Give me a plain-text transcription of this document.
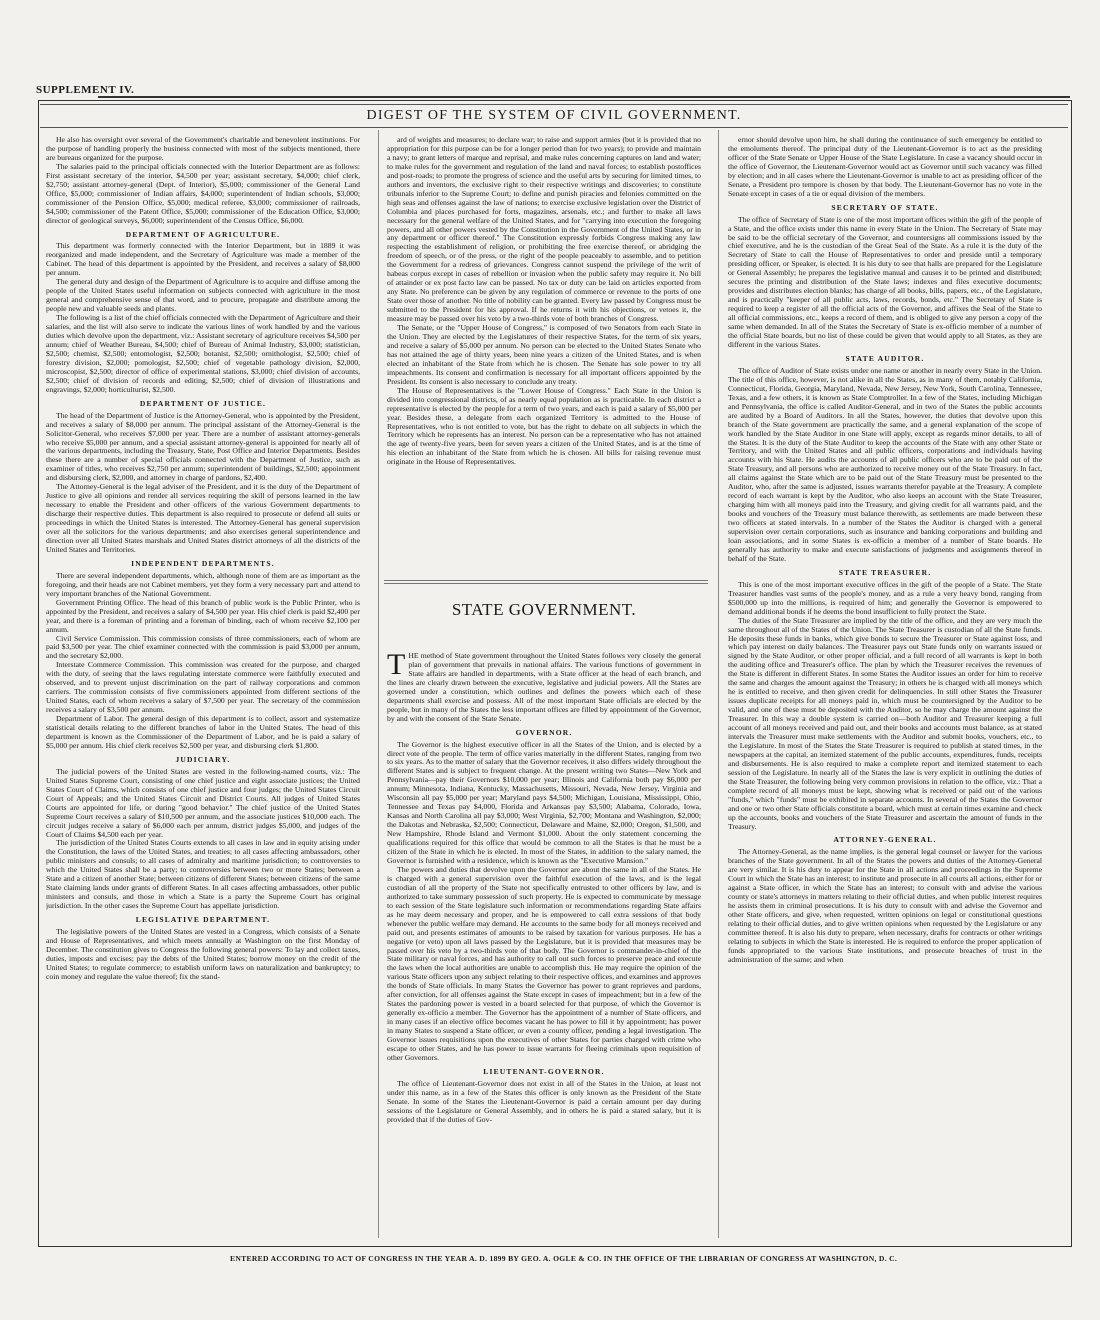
SUPPLEMENT IV.
DIGEST OF THE SYSTEM OF CIVIL GOVERNMENT.

He also has oversight over several of the Government's charitable and benevolent institutions. For the purpose of handling properly the business connected with most of the subjects mentioned, there are bureaus organized for the purpose.

The salaries paid to the principal officials connected with the Interior Department are as follows: First assistant secretary of the interior, $4,500 per year; assistant secretary, $4,000; chief clerk, $2,750; assistant attorney-general (Dept. of Interior), $5,000; commissioner of the General Land Office, $5,000; commissioner of Indian affairs, $4,000; superintendent of Indian schools, $3,000; commissioner of the Pension Office, $5,000; medical referee, $3,000; commissioner of railroads, $4,500; commissioner of the Patent Office, $5,000; commissioner of the Education Office, $3,000; director of geological surveys, $6,000; superintendent of the Census Office, $6,000.

DEPARTMENT OF AGRICULTURE.

This department was formerly connected with the Interior Department, but in 1889 it was reorganized and made independent, and the Secretary of Agriculture was made a member of the Cabinet. The head of this department is appointed by the President, and receives a salary of $8,000 per annum.

The general duty and design of the Department of Agriculture is to acquire and diffuse among the people of the United States useful information on subjects connected with agriculture in the most general and comprehensive sense of that word, and to procure, propagate and distribute among the people new and valuable seeds and plants.

The following is a list of the chief officials connected with the Department of Agriculture and their salaries, and the list will also serve to indicate the various lines of work handled by and the various duties which devolve upon the department, viz.: Assistant secretary of agriculture receives $4,500 per annum; chief of Weather Bureau, $4,500; chief of Bureau of Animal Industry, $3,000; statistician, $2,500; chemist, $2,500; entomologist, $2,500; botanist, $2,500; ornithologist, $2,500; chief of forestry division, $2,000; pomologist, $2,500; chief of vegetable pathology division, $2,000, microscopist, $2,500; director of office of experimental stations, $3,000; chief division of accounts, $2,500; chief of division of records and editing, $2,500; chief of division of illustrations and engravings, $2,000; horticulturist, $2,500.

DEPARTMENT OF JUSTICE.

The head of the Department of Justice is the Attorney-General, who is appointed by the President, and receives a salary of $8,000 per annum. The principal assistant of the Attorney-General is the Solicitor-General, who receives $7,000 per year. There are a number of assistant attorney-generals who receive $5,000 per annum, and a special assistant attorney-general is appointed for nearly all of the various departments, including the Treasury, State, Post Office and Interior Departments. Besides these there are a number of special officials connected with the Department of Justice, such as examiner of titles, who receives $2,750 per annum; superintendent of buildings, $2,500; appointment and disbursing clerk, $2,000, and attorney in charge of pardons, $2,400.

The Attorney-General is the legal adviser of the President, and it is the duty of the Department of Justice to give all opinions and render all services requiring the skill of persons learned in the law necessary to enable the President and other officers of the various Government departments to discharge their respective duties. This department is also required to prosecute or defend all suits or proceedings in which the United States is interested. The Attorney-General has general supervision over all the solicitors for the various departments; and also exercises general superintendence and direction over all United States marshals and United States district attorneys of all the districts of the United States and Territories.

INDEPENDENT DEPARTMENTS.

There are several independent departments, which, although none of them are as important as the foregoing, and their heads are not Cabinet members, yet they form a very necessary part and attend to very important branches of the National Government.

Government Printing Office. The head of this branch of public work is the Public Printer, who is appointed by the President, and receives a salary of $4,500 per year. His chief clerk is paid $2,400 per year, and there is a foreman of printing and a foreman of binding, each of whom receive $2,100 per annum.

Civil Service Commission. This commission consists of three commissioners, each of whom are paid $3,500 per year. The chief examiner connected with the commission is paid $3,000 per annum, and the secretary $2,000.

Interstate Commerce Commission. This commission was created for the purpose, and charged with the duty, of seeing that the laws regulating interstate commerce were faithfully executed and observed, and to prevent unjust discrimination on the part of railway corporations and common carriers. The commission consists of five commissioners appointed from different sections of the United States, each of whom receives a salary of $7,500 per year. The secretary of the commission receives a salary of $3,500 per annum.

Department of Labor. The general design of this department is to collect, assort and systematize statistical details relating to the different branches of labor in the United States. The head of this department is known as the Commissioner of the Department of Labor, and he is paid a salary of $5,000 per annum. His chief clerk receives $2,500 per year, and disbursing clerk $1,800.

JUDICIARY.

The judicial powers of the United States are vested in the following-named courts, viz.: The United States Supreme Court, consisting of one chief justice and eight associate justices; the United States Court of Claims, which consists of one chief justice and four judges; the United States Circuit Court of Appeals; and the United States Circuit and District Courts. All judges of United States Courts are appointed for life, or during "good behavior." The chief justice of the United States Supreme Court receives a salary of $10,500 per annum, and the associate justices $10,000 each. The circuit judges receive a salary of $6,000 each per annum, district judges $5,000, and judges of the Court of Claims $4,500 each per year.

The jurisdiction of the United States Courts extends to all cases in law and in equity arising under the Constitution, the laws of the United States, and treaties; to all cases affecting ambassadors, other public ministers and consuls; to all cases of admiralty and maritime jurisdiction; to controversies to which the United States shall be a party; to controversies between two or more States; between a State and a citizen of another State; between citizens of different States; between citizens of the same State claiming lands under grants of different States. In all cases affecting ambassadors, other public ministers and consuls, and those in which a State is a party the Supreme Court has original jurisdiction. In the other cases the Supreme Court has appellate jurisdiction.

LEGISLATIVE DEPARTMENT.

The legislative powers of the United States are vested in a Congress, which consists of a Senate and House of Representatives, and which meets annually at Washington on the first Monday of December. The constitution gives to Congress the following general powers: To lay and collect taxes, duties, imposts and excises; pay the debts of the United States; borrow money on the credit of the United States; to regulate commerce; to establish uniform laws on naturalization and bankruptcy; to coin money and regulate the value thereof; fix the stand-

ard of weights and measures; to declare war; to raise and support armies (but it is provided that no appropriation for this purpose can be for a longer period than for two years); to provide and maintain a navy; to grant letters of marque and reprisal, and make rules concerning captures on land and water; to make rules for the government and regulation of the land and naval forces; to establish postoffices and post-roads; to promote the progress of science and the useful arts by securing for limited times, to authors and inventors, the exclusive right to their respective writings and discoveries; to constitute tribunals inferior to the Supreme Court; to define and punish piracies and felonies committed on the high seas and offenses against the law of nations; to exercise exclusive legislation over the District of Columbia and places purchased for forts, magazines, arsenals, etc.; and further to make all laws necessary for the general welfare of the United States, and for "carrying into execution the foregoing powers, and all other powers vested by the Constitution in the Government of the United States, or in any department or officer thereof." The Constitution expressly forbids Congress making any law respecting the establishment of religion, or prohibiting the free exercise thereof, or abridging the freedom of speech, or of the press, or the right of the people peaceably to assemble, and to petition the Government for a redress of grievances. Congress cannot suspend the privilege of the writ of habeas corpus except in cases of rebellion or invasion when the public safety may require it. No bill of attainder or ex post facto law can be passed. No tax or duty can be laid on articles exported from any State. No preference can be given by any regulation of commerce or revenue to the ports of one State over those of another. No title of nobility can be granted. Every law passed by Congress must be submitted to the President for his approval. If he returns it with his objections, or vetoes it, the measure may be passed over his veto by a two-thirds vote of both branches of Congress.

The Senate, or the "Upper House of Congress," is composed of two Senators from each State in the Union. They are elected by the Legislatures of their respective States, for the term of six years, and receive a salary of $5,000 per annum. No person can be elected to the United States Senate who has not attained the age of thirty years, been nine years a citizen of the United States, and is when elected an inhabitant of the State from which he is chosen. The Senate has sole power to try all impeachments. Its consent and confirmation is necessary for all important officers appointed by the President. Its consent is also necessary to conclude any treaty.

The House of Representatives is the "Lower House of Congress." Each State in the Union is divided into congressional districts, of as nearly equal population as is practicable. In each district a representative is elected by the people for a term of two years, and each is paid a salary of $5,000 per year. Besides these, a delegate from each organized Territory is admitted to the House of Representatives, who is not entitled to vote, but has the right to debate on all subjects in which the Territory which he represents has an interest. No person can be a representative who has not attained the age of twenty-five years, been for seven years a citizen of the United States, and is at the time of his election an inhabitant of the State from which he is chosen. All bills for raising revenue must originate in the House of Representatives.

STATE GOVERNMENT.

THE method of State government throughout the United States follows very closely the general plan of government that prevails in national affairs. The various functions of government in State affairs are handled in departments, with a State officer at the head of each branch, and the lines are clearly drawn between the executive, legislative and judicial powers. All the States are governed under a constitution, which outlines and defines the powers which each of these departments shall exercise and possess. All of the most important State officials are elected by the people, but in many of the States the less important offices are filled by appointment of the Governor, by and with the consent of the State Senate.

GOVERNOR.

The Governor is the highest executive officer in all the States of the Union, and is elected by a direct vote of the people. The term of office varies materially in the different States, ranging from two to six years. As to the matter of salary that the Governor receives, it also differs widely throughout the different States and is subject to frequent change. At the present writing two States—New York and Pennsylvania—pay their Governors $10,000 per year; Illinois and California both pay $6,000 per annum; Minnesota, Indiana, Kentucky, Massachusetts, Missouri, Nevada, New Jersey, Virginia and Wisconsin all pay $5,000 per year; Maryland pays $4,500; Michigan, Louisiana, Mississippi, Ohio, Tennessee and Texas pay $4,000, Florida and Arkansas pay $3,500; Alabama, Colorado, Iowa, Kansas and North Carolina all pay $3,000; West Virginia, $2,700; Montana and Washington, $2,000; the Dakotas and Nebraska, $2,500; Connecticut, Delaware and Maine, $2,000; Oregon, $1,500, and New Hampshire, Rhode Island and Vermont $1,000. About the only statement concerning the qualifications required for this office that would be common to all the States is that he must be a citizen of the State in which he is elected. In most of the States, in addition to the salary named, the Governor is furnished with a residence, which is known as the "Executive Mansion."

The powers and duties that devolve upon the Governor are about the same in all of the States. He is charged with a general supervision over the faithful execution of the laws, and is the legal custodian of all the property of the State not specifically entrusted to other officers by law, and is authorized to take summary possession of such property. He is expected to communicate by message to each session of the State legislature such information or recommendations regarding State affairs as he may deem necessary and proper, and he is empowered to call extra sessions of that body whenever the public welfare may demand. He accounts to the same body for all moneys received and paid out, and presents estimates of amounts to be raised by taxation for various purposes. He has a negative (or veto) upon all laws passed by the Legislature, but it is provided that measures may be passed over his veto by a two-thirds vote of that body. The Governor is commander-in-chief of the State military or naval forces, and has authority to call out such forces to preserve peace and execute the laws when the local authorities are unable to accomplish this. He may require the opinion of the various State officers upon any subject relating to their respective offices, and examines and approves the bonds of State officials. In many States the Governor has power to grant reprieves and pardons, after conviction, for all offenses against the State except in cases of impeachment; but in a few of the States the pardoning power is vested in a board selected for that purpose, of which the Governor is generally ex-officio a member. The Governor has the appointment of a number of State officers, and in many cases if an elective office becomes vacant he has power to fill it by appointment; has power in many States to suspend a State officer, or even a county officer, pending a legal investigation. The Governor issues requisitions upon the executives of other States for parties charged with crime who escape to other States, and he has power to issue warrants for fleeing criminals upon requisition of other Governors.

LIEUTENANT-GOVERNOR.

The office of Lieutenant-Governor does not exist in all of the States in the Union, at least not under this name, as in a few of the States this officer is only known as the President of the State Senate. In some of the States the Lieutenant-Governor is paid a certain amount per day during sessions of the Legislature or General Assembly, and in others he is paid a stated salary, but it is provided that if the duties of Gov-

ernor should devolve upon him, he shall during the continuance of such emergency be entitled to the emoluments thereof. The principal duty of the Lieutenant-Governor is to act as the presiding officer of the State Senate or Upper House of the State Legislature. In case a vacancy should occur in the office of Governor, the Lieutenant-Governor would act as Governor until such vacancy was filled by election; and in all cases where the Lieutenant-Governor is unable to act as presiding officer of the Senate, a President pro tempore is chosen by that body. The Lieutenant-Governor has no vote in the Senate except in cases of a tie or equal division of the members.

SECRETARY OF STATE.

The office of Secretary of State is one of the most important offices within the gift of the people of a State, and the office exists under this name in every State in the Union. The Secretary of State may be said to be the official secretary of the Governor, and countersigns all commissions issued by the chief executive, and he is the custodian of the Great Seal of the State. As a rule it is the duty of the Secretary of State to call the House of Representatives to order and preside until a temporary presiding officer, or Speaker, is elected. It is his duty to see that halls are prepared for the Legislature or General Assembly; he prepares the legislative manual and causes it to be printed and distributed; secures the printing and distribution of the State laws; indexes and files executive documents; provides and distributes election blanks; has charge of all books, bills, papers, etc., of the Legislature, and is practically "keeper of all public acts, laws, records, bonds, etc." The Secretary of State is required to keep a register of all the official acts of the Governor, and affixes the Seal of the State to all official commissions, etc., keeps a record of them, and is obliged to give any person a copy of the same when demanded. In all of the States the Secretary of State is ex-officio member of a number of the official State boards, but no list of these could be given that would apply to all States, as they are different in the various States.

STATE AUDITOR.

The office of Auditor of State exists under one name or another in nearly every State in the Union. The title of this office, however, is not alike in all the States, as in many of them, notably California, Connecticut, Florida, Georgia, Maryland, Nevada, New Jersey, New York, South Carolina, Tennessee, Texas, and a few others, it is known as State Comptroller. In a few of the States, including Michigan and Pennsylvania, the office is called Auditor-General, and in two of the States the public accounts are audited by a Board of Auditors. In all the States, however, the duties that devolve upon this branch of the State government are practically the same, and a general explanation of the scope of work handled by the State Auditor in one State will apply, except as regards minor details, to all of the States. It is the duty of the State Auditor to keep the accounts of the State with any other State or Territory, and with the United States and all public officers, corporations and individuals having accounts with his State. He audits the accounts of all public officers who are to be paid out of the State Treasury, and all persons who are authorized to receive money out of the State Treasury. In fact, all claims against the State which are to be paid out of the State Treasury must be presented to the Auditor, who, after the same is adjusted, issues warrants therefor payable at the Treasury. A complete record of each warrant is kept by the Auditor, who also keeps an account with the State Treasurer, charging him with all moneys paid into the Treasury, and giving credit for all warrants paid, and the books and vouchers of the Treasury must balance therewith, as settlements are made between these two officers at stated intervals. In a number of the States the Auditor is charged with a general supervision over certain corporations, such as insurance and banking corporations and building and loan associations, and in some States is ex-officio a member of a number of State boards. He generally has authority to make and execute satisfactions of judgments and assignments thereof in behalf of the State.

STATE TREASURER.

This is one of the most important executive offices in the gift of the people of a State. The State Treasurer handles vast sums of the people's money, and as a rule a very heavy bond, ranging from $500,000 up into the millions, is required of him; and generally the Governor is empowered to demand additional bonds if he deems the bond insufficient to fully protect the State.

The duties of the State Treasurer are implied by the title of the office, and they are very much the same throughout all of the States of the Union. The State Treasurer is custodian of all the State funds. He deposits these funds in banks, which give bonds to secure the Treasurer or State against loss, and which pay interest on daily balances. The Treasurer pays out State funds only on warrants issued or signed by the State Auditor, or other proper official, and a full record of all warrants is kept in both the auditing office and Treasurer's office. The plan by which the Treasurer receives the revenues of the State is different in different States. In some States the Auditor issues an order for him to receive the same and charges the amount against the Treasury; in others he is charged with all moneys which he is entitled to receive, and then given credit for delinquencies. In still other States the Treasurer issues duplicate receipts for all moneys paid in, which must be countersigned by the Auditor to be valid, and one of these must be deposited with the Auditor, so he may charge the amount against the Treasurer. In this way a double system is carried on—both Auditor and Treasurer keeping a full account of all moneys received and paid out, and their books and accounts must balance, as at stated intervals the Treasurer must make settlements with the Auditor and submit books, vouchers, etc., to the Legislature. In most of the States the State Treasurer is required to publish at stated times, in the newspapers at the capital, an itemized statement of the public accounts, expenditures, funds, receipts and disbursements. He is also required to make a complete report and itemized statement to each session of the Legislature. In nearly all of the States the law is very explicit in outlining the duties of the State Treasurer, the following being very common provisions in relation to the office, viz.: That a complete record of all moneys must be kept, showing what is received or paid out of the various "funds," which "funds" must be exhibited in separate accounts. In several of the States the Governor and one or two other State officials constitute a board, which must at certain times examine and check up the accounts, books and vouchers of the State Treasurer and ascertain the amount of funds in the Treasury.

ATTORNEY-GENERAL.

The Attorney-General, as the name implies, is the general legal counsel or lawyer for the various branches of the State government. In all of the States the powers and duties of the Attorney-General are very similar. It is his duty to appear for the State in all actions and proceedings in the Supreme Court in which the State has an interest; to institute and prosecute in all courts all actions, either for or against a State officer, in which the State has an interest; to consult with and advise the various county or state's attorneys in matters relating to their official duties, and when public interest requires he assists them in criminal prosecutions. It is his duty to consult with and advise the Governor and other State officers, and give, when requested, written opinions on legal or constitutional questions relating to their official duties, and to give written opinions when requested by the Legislature or any committee thereof. It is also his duty to prepare, when necessary, drafts for contracts or other writings relating to subjects in which the State is interested. He is required to enforce the proper application of funds appropriated to the various State institutions, and prosecute breaches of trust in the administration of the same; and when

ENTERED ACCORDING TO ACT OF CONGRESS IN THE YEAR A. D. 1899 BY GEO. A. OGLE & CO. IN THE OFFICE OF THE LIBRARIAN OF CONGRESS AT WASHINGTON, D. C.
